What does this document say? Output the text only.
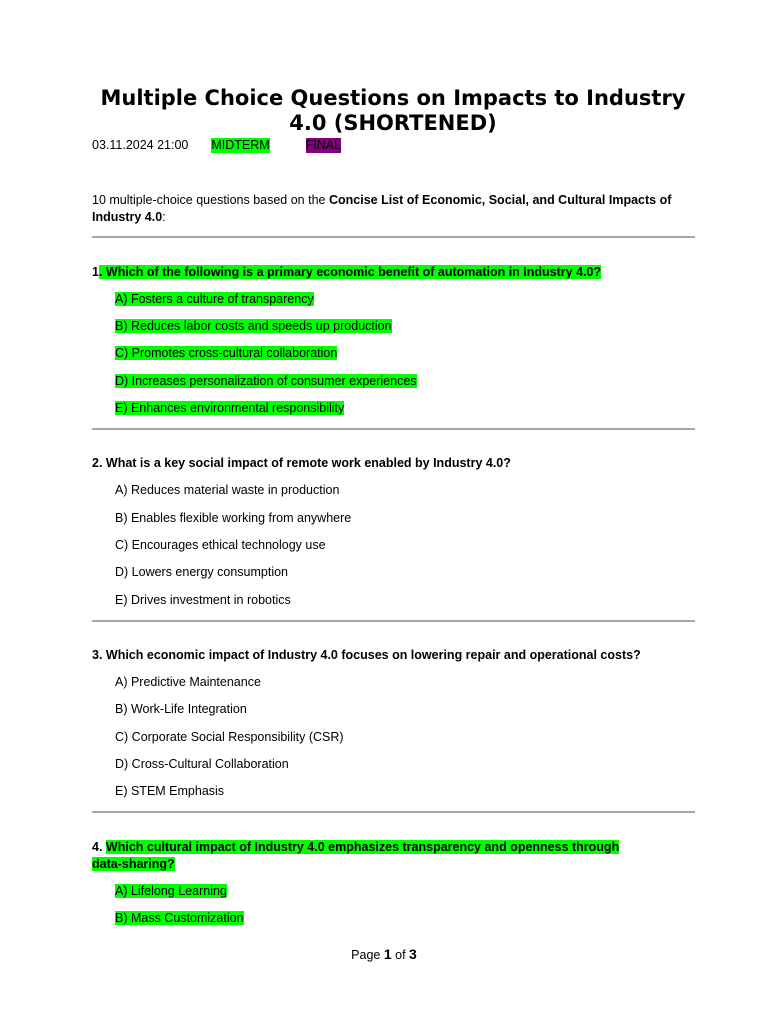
Multiple Choice Questions on Impacts to Industry 4.0 (SHORTENED)
03.11.2024 21:00 MIDTERM	FINAL
10 multiple-choice questions based on the Concise List of Economic, Social, and Cultural Impacts of Industry 4.0:
1. Which of the following is a primary economic benefit of automation in Industry 4.0?
A) Fosters a culture of transparency
B) Reduces labor costs and speeds up production
C) Promotes cross-cultural collaboration
D) Increases personalization of consumer experiences
E) Enhances environmental responsibility
2. What is a key social impact of remote work enabled by Industry 4.0?
A) Reduces material waste in production
B) Enables flexible working from anywhere
C) Encourages ethical technology use
D) Lowers energy consumption
E) Drives investment in robotics
3. Which economic impact of Industry 4.0 focuses on lowering repair and operational costs?
A) Predictive Maintenance
B) Work-Life Integration
C) Corporate Social Responsibility (CSR)
D) Cross-Cultural Collaboration
E) STEM Emphasis
4. Which cultural impact of Industry 4.0 emphasizes transparency and openness through data-sharing?
A) Lifelong Learning
B) Mass Customization
Page 1 of 3
